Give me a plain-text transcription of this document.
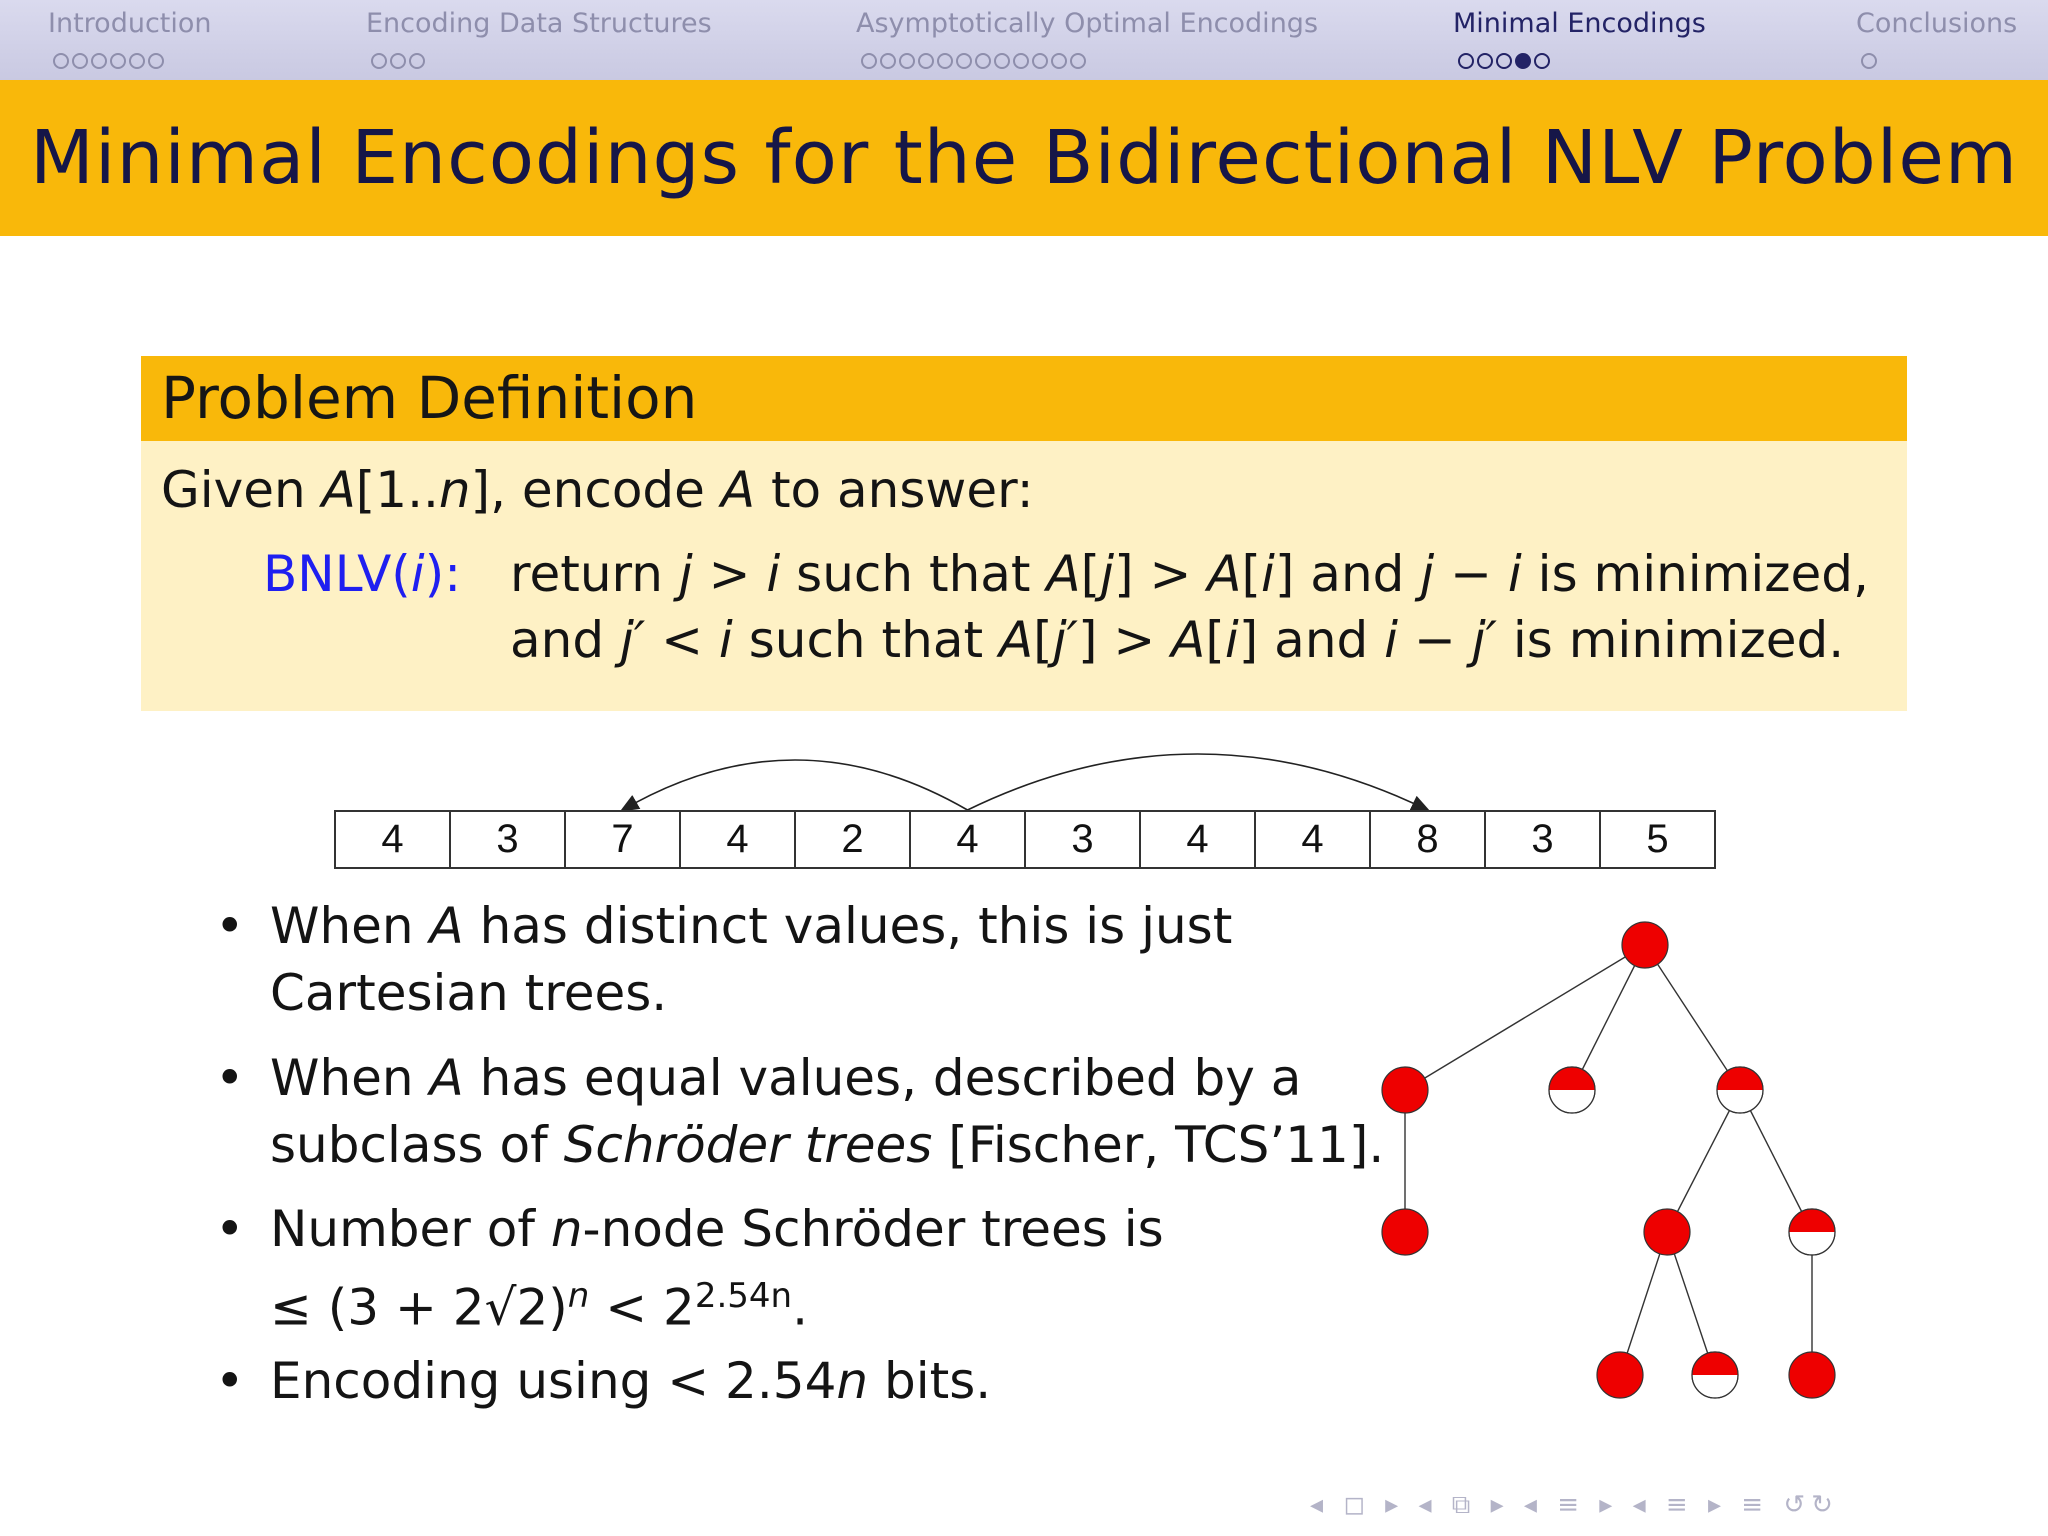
Introduction	Encoding Data Structures	Asymptotically Optimal Encodings	Minimal Encodings	Conclusions
Minimal Encodings for the Bidirectional NLV Problem
Problem Definition
Given A[1..n], encode A to answer:
BNLV(i): return j > i such that A[j] > A[i] and j − i is minimized,
and j′ < i such that A[j′] > A[i] and i − j′ is minimized.
4	3	7	4	2	4	3	4	4	8	3	5
• When A has distinct values, this is just
Cartesian trees.
• When A has equal values, described by a
subclass of Schröder trees [Fischer, TCS’11].
• Number of n-node Schröder trees is
≤ $(3 + 2√2)^n < 2^{2.54n}$.
• Encoding using < 2.54n bits.
◂ ◻ ▸ ◂ ⧉ ▸ ◂ ≡ ▸ ◂ ≡ ▸ ≡ ↺↻
